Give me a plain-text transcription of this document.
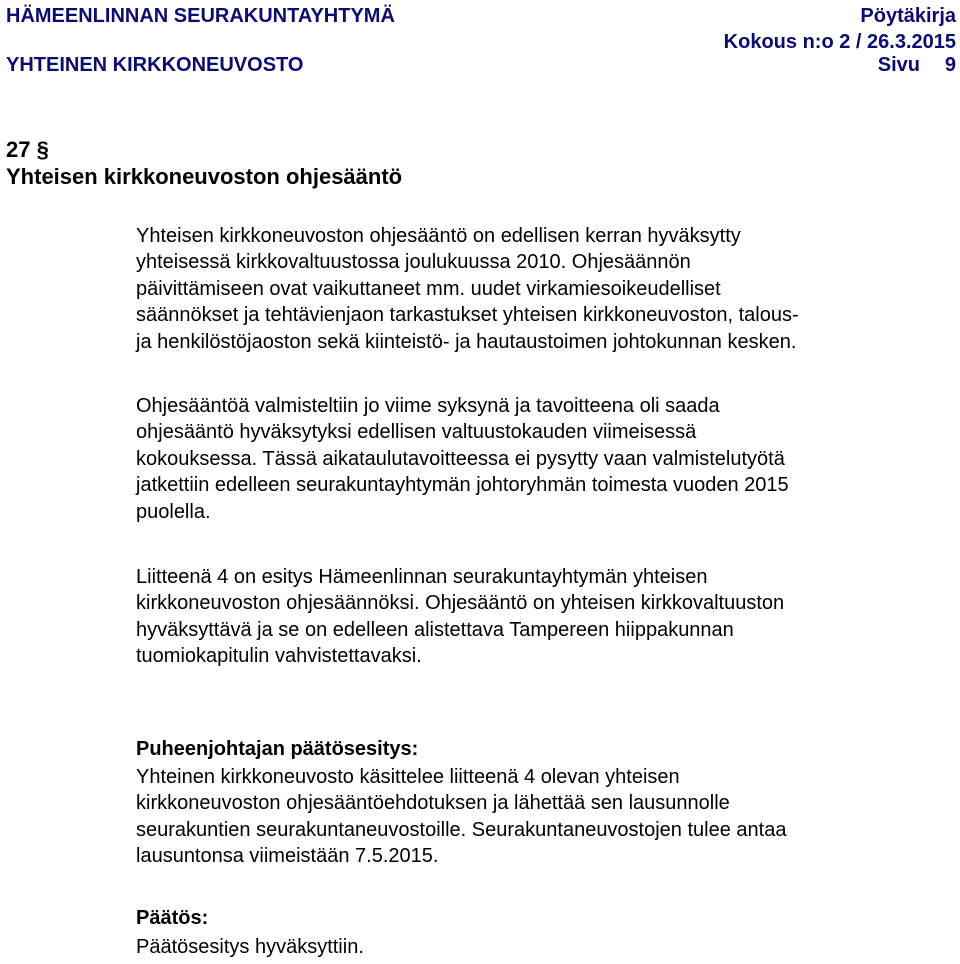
HÄMEENLINNAN SEURAKUNTAYHTYMÄ	Pöytäkirja
Kokous n:o 2 / 26.3.2015
YHTEINEN KIRKKONEUVOSTO	Sivu 9
27 §
Yhteisen kirkkoneuvoston ohjesääntö
Yhteisen kirkkoneuvoston ohjesääntö on edellisen kerran hyväksytty
yhteisessä kirkkovaltuustossa joulukuussa 2010. Ohjesäännön
päivittämiseen ovat vaikuttaneet mm. uudet virkamiesoikeudelliset
säännökset ja tehtävienjaon tarkastukset yhteisen kirkkoneuvoston, talous-
ja henkilöstöjaoston sekä kiinteistö- ja hautaustoimen johtokunnan kesken.
Ohjesääntöä valmisteltiin jo viime syksynä ja tavoitteena oli saada
ohjesääntö hyväksytyksi edellisen valtuustokauden viimeisessä
kokouksessa. Tässä aikataulutavoitteessa ei pysytty vaan valmistelutyötä
jatkettiin edelleen seurakuntayhtymän johtoryhmän toimesta vuoden 2015
puolella.
Liitteenä 4 on esitys Hämeenlinnan seurakuntayhtymän yhteisen
kirkkoneuvoston ohjesäännöksi. Ohjesääntö on yhteisen kirkkovaltuuston
hyväksyttävä ja se on edelleen alistettava Tampereen hiippakunnan
tuomiokapitulin vahvistettavaksi.
Puheenjohtajan päätösesitys:
Yhteinen kirkkoneuvosto käsittelee liitteenä 4 olevan yhteisen
kirkkoneuvoston ohjesääntöehdotuksen ja lähettää sen lausunnolle
seurakuntien seurakuntaneuvostoille. Seurakuntaneuvostojen tulee antaa
lausuntonsa viimeistään 7.5.2015.
Päätös:
Päätösesitys hyväksyttiin.
